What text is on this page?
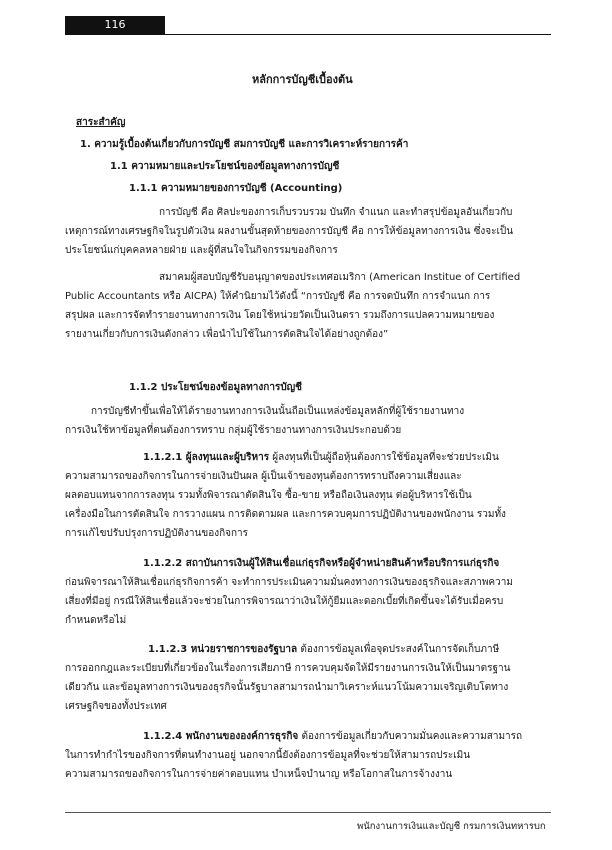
116
หลักการบัญชีเบื้องต้น
สาระสำคัญ
1. ความรู้เบื้องต้นเกี่ยวกับการบัญชี สมการบัญชี และการวิเคราะห์รายการค้า
1.1 ความหมายและประโยชน์ของข้อมูลทางการบัญชี
1.1.1 ความหมายของการบัญชี (Accounting)
การบัญชี คือ ศิลปะของการเก็บรวบรวม บันทึก จำแนก และทำสรุปข้อมูลอันเกี่ยวกับ
เหตุการณ์ทางเศรษฐกิจในรูปตัวเงิน ผลงานขั้นสุดท้ายของการบัญชี คือ การให้ข้อมูลทางการเงิน ซึ่งจะเป็น
ประโยชน์แก่บุคคลหลายฝ่าย และผู้ที่สนใจในกิจกรรมของกิจการ
สมาคมผู้สอบบัญชีรับอนุญาตของประเทศอเมริกา (American Institue of Certified
Public Accountants หรือ AICPA) ให้คำนิยามไว้ดังนี้ “การบัญชี คือ การจดบันทึก การจำแนก การ
สรุปผล และการจัดทำรายงานทางการเงิน โดยใช้หน่วยวัดเป็นเงินตรา รวมถึงการแปลความหมายของ
รายงานเกี่ยวกับการเงินดังกล่าว เพื่อนำไปใช้ในการตัดสินใจได้อย่างถูกต้อง”
1.1.2 ประโยชน์ของข้อมูลทางการบัญชี
การบัญชีทำขึ้นเพื่อให้ได้รายงานทางการเงินนั้นถือเป็นแหล่งข้อมูลหลักที่ผู้ใช้รายงานทาง
การเงินใช้หาข้อมูลที่ตนต้องการทราบ กลุ่มผู้ใช้รายงานทางการเงินประกอบด้วย
1.1.2.1 ผู้ลงทุนและผู้บริหาร ผู้ลงทุนที่เป็นผู้ถือหุ้นต้องการใช้ข้อมูลที่จะช่วยประเมิน
ความสามารถของกิจการในการจ่ายเงินปันผล ผู้เป็นเจ้าของทุนต้องการทราบถึงความเสี่ยงและ
ผลตอบแทนจากการลงทุน รวมทั้งพิจารณาตัดสินใจ ซื้อ-ขาย หรือถือเงินลงทุน ต่อผู้บริหารใช้เป็น
เครื่องมือในการตัดสินใจ การวางแผน การติดตามผล และการควบคุมการปฏิบัติงานของพนักงาน รวมทั้ง
การแก้ไขปรับปรุงการปฏิบัติงานของกิจการ
1.1.2.2 สถาบันการเงินผู้ให้สินเชื่อแก่ธุรกิจหรือผู้จำหน่ายสินค้าหรือบริการแก่ธุรกิจ
ก่อนพิจารณาให้สินเชื่อแก่ธุรกิจการค้า จะทำการประเมินความมั่นคงทางการเงินของธุรกิจและสภาพความ
เสี่ยงที่มีอยู่ กรณีให้สินเชื่อแล้วจะช่วยในการพิจารณาว่าเงินให้กู้ยืมและดอกเบี้ยที่เกิดขึ้นจะได้รับเมื่อครบ
กำหนดหรือไม่
1.1.2.3 หน่วยราชการของรัฐบาล ต้องการข้อมูลเพื่อจุดประสงค์ในการจัดเก็บภาษี
การออกกฎและระเบียบที่เกี่ยวข้องในเรื่องการเสียภาษี การควบคุมจัดให้มีรายงานการเงินให้เป็นมาตรฐาน
เดียวกัน และข้อมูลทางการเงินของธุรกิจนั้นรัฐบาลสามารถนำมาวิเคราะห์แนวโน้มความเจริญเติบโตทาง
เศรษฐกิจของทั้งประเทศ
1.1.2.4 พนักงานขององค์การธุรกิจ ต้องการข้อมูลเกี่ยวกับความมั่นคงและความสามารถ
ในการทำกำไรของกิจการที่ตนทำงานอยู่ นอกจากนี้ยังต้องการข้อมูลที่จะช่วยให้สามารถประเมิน
ความสามารถของกิจการในการจ่ายค่าตอบแทน บำเหน็จบำนาญ หรือโอกาสในการจ้างงาน
พนักงานการเงินและบัญชี กรมการเงินทหารบก
